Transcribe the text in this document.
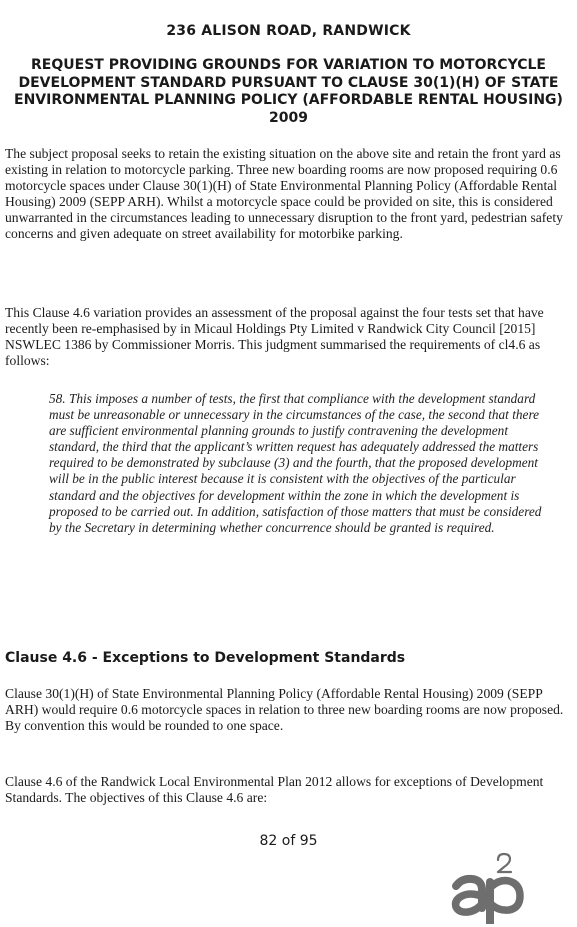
236 ALISON ROAD, RANDWICK
REQUEST PROVIDING GROUNDS FOR VARIATION TO MOTORCYCLE DEVELOPMENT STANDARD PURSUANT TO CLAUSE 30(1)(H) OF STATE ENVIRONMENTAL PLANNING POLICY (AFFORDABLE RENTAL HOUSING) 2009

The subject proposal seeks to retain the existing situation on the above site and retain the front yard as existing in relation to motorcycle parking. Three new boarding rooms are now proposed requiring 0.6 motorcycle spaces under Clause 30(1)(H) of State Environmental Planning Policy (Affordable Rental Housing) 2009 (SEPP ARH). Whilst a motorcycle space could be provided on site, this is considered unwarranted in the circumstances leading to unnecessary disruption to the front yard, pedestrian safety concerns and given adequate on street availability for motorbike parking.

This Clause 4.6 variation provides an assessment of the proposal against the four tests set that have recently been re-emphasised by in Micaul Holdings Pty Limited v Randwick City Council [2015] NSWLEC 1386 by Commissioner Morris. This judgment summarised the requirements of cl4.6 as follows:

58. This imposes a number of tests, the first that compliance with the development standard must be unreasonable or unnecessary in the circumstances of the case, the second that there are sufficient environmental planning grounds to justify contravening the development standard, the third that the applicant’s written request has adequately addressed the matters required to be demonstrated by subclause (3) and the fourth, that the proposed development will be in the public interest because it is consistent with the objectives of the particular standard and the objectives for development within the zone in which the development is proposed to be carried out. In addition, satisfaction of those matters that must be considered by the Secretary in determining whether concurrence should be granted is required.

Clause 4.6 - Exceptions to Development Standards

Clause 30(1)(H) of State Environmental Planning Policy (Affordable Rental Housing) 2009 (SEPP ARH) would require 0.6 motorcycle spaces in relation to three new boarding rooms are now proposed. By convention this would be rounded to one space.

Clause 4.6 of the Randwick Local Environmental Plan 2012 allows for exceptions of Development Standards. The objectives of this Clause 4.6 are:

82 of 95
